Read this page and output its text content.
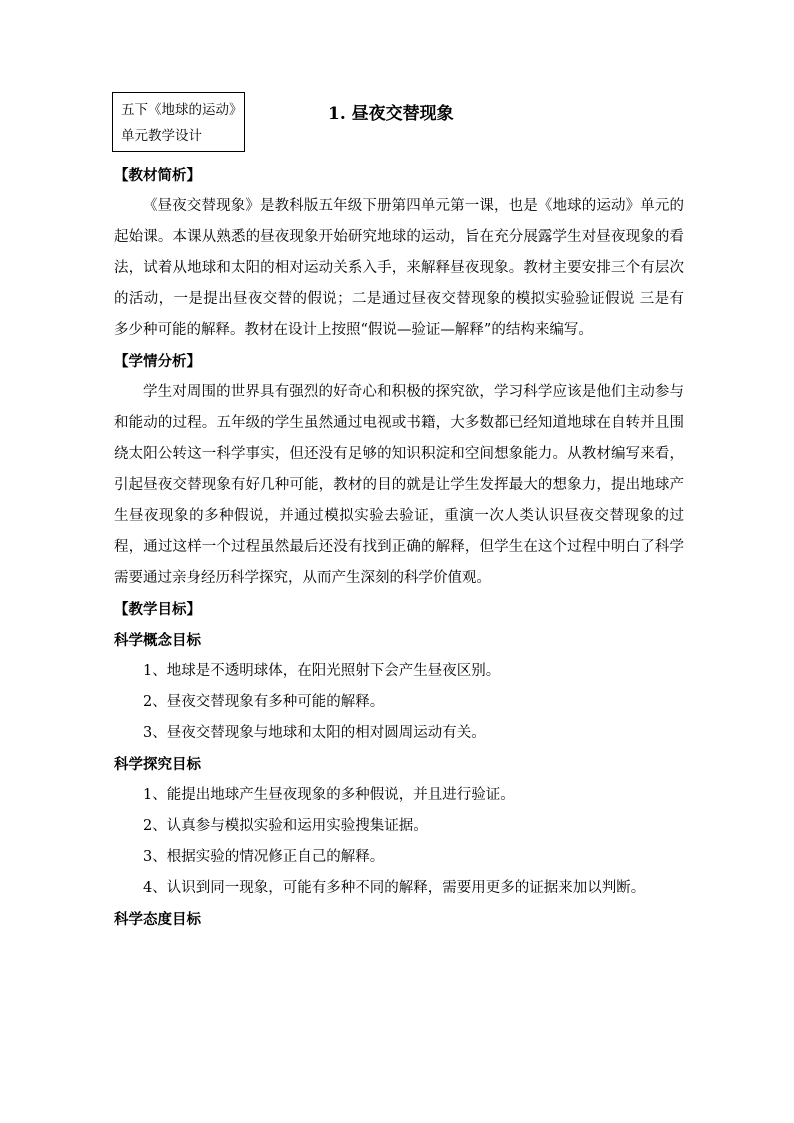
五下《地球的运动》
单元教学设计
1. 昼夜交替现象
【教材简析】

《昼夜交替现象》是教科版五年级下册第四单元第一课，也是《地球的运动》单元的起始课。本课从熟悉的昼夜现象开始研究地球的运动，旨在充分展露学生对昼夜现象的看法，试着从地球和太阳的相对运动关系入手，来解释昼夜现象。教材主要安排三个有层次的活动，一是提出昼夜交替的假说；二是通过昼夜交替现象的模拟实验验证假说 三是有多少种可能的解释。教材在设计上按照“假说—验证—解释”的结构来编写。

【学情分析】

学生对周围的世界具有强烈的好奇心和积极的探究欲，学习科学应该是他们主动参与和能动的过程。五年级的学生虽然通过电视或书籍，大多数都已经知道地球在自转并且围绕太阳公转这一科学事实，但还没有足够的知识积淀和空间想象能力。从教材编写来看，引起昼夜交替现象有好几种可能，教材的目的就是让学生发挥最大的想象力，提出地球产生昼夜现象的多种假说，并通过模拟实验去验证，重演一次人类认识昼夜交替现象的过程，通过这样一个过程虽然最后还没有找到正确的解释，但学生在这个过程中明白了科学需要通过亲身经历科学探究，从而产生深刻的科学价值观。

【教学目标】
科学概念目标
1、地球是不透明球体，在阳光照射下会产生昼夜区别。
2、昼夜交替现象有多种可能的解释。
3、昼夜交替现象与地球和太阳的相对圆周运动有关。
科学探究目标
1、能提出地球产生昼夜现象的多种假说，并且进行验证。
2、认真参与模拟实验和运用实验搜集证据。
3、根据实验的情况修正自己的解释。
4、认识到同一现象，可能有多种不同的解释，需要用更多的证据来加以判断。
科学态度目标
